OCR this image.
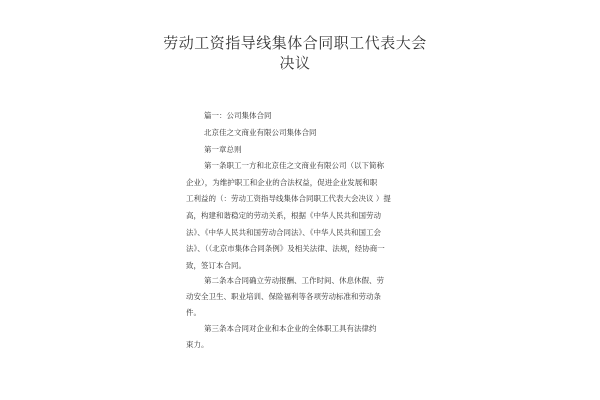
劳动工资指导线集体合同职工代表大会
决议
篇一：公司集体合同
北京佳之文商业有限公司集体合同
第一章总则
第一条职工一方和北京佳之文商业有限公司（以下简称
企业），为维护职工和企业的合法权益，促进企业发展和职
工利益的（：劳动工资指导线集体合同职工代表大会决议 ）提
高，构建和谐稳定的劳动关系，根据《中华人民共和国劳动
法》、《中华人民共和国劳动合同法》、《中华人民共和国工会
法》、（（北京市集体合同条例》及相关法律、法规，经协商一
致，签订本合同。
第二条本合同确立劳动报酬、工作时间、休息休假、劳
动安全卫生、职业培训、保险福利等各项劳动标准和劳动条
件。
第三条本合同对企业和本企业的全体职工具有法律约
束力。
